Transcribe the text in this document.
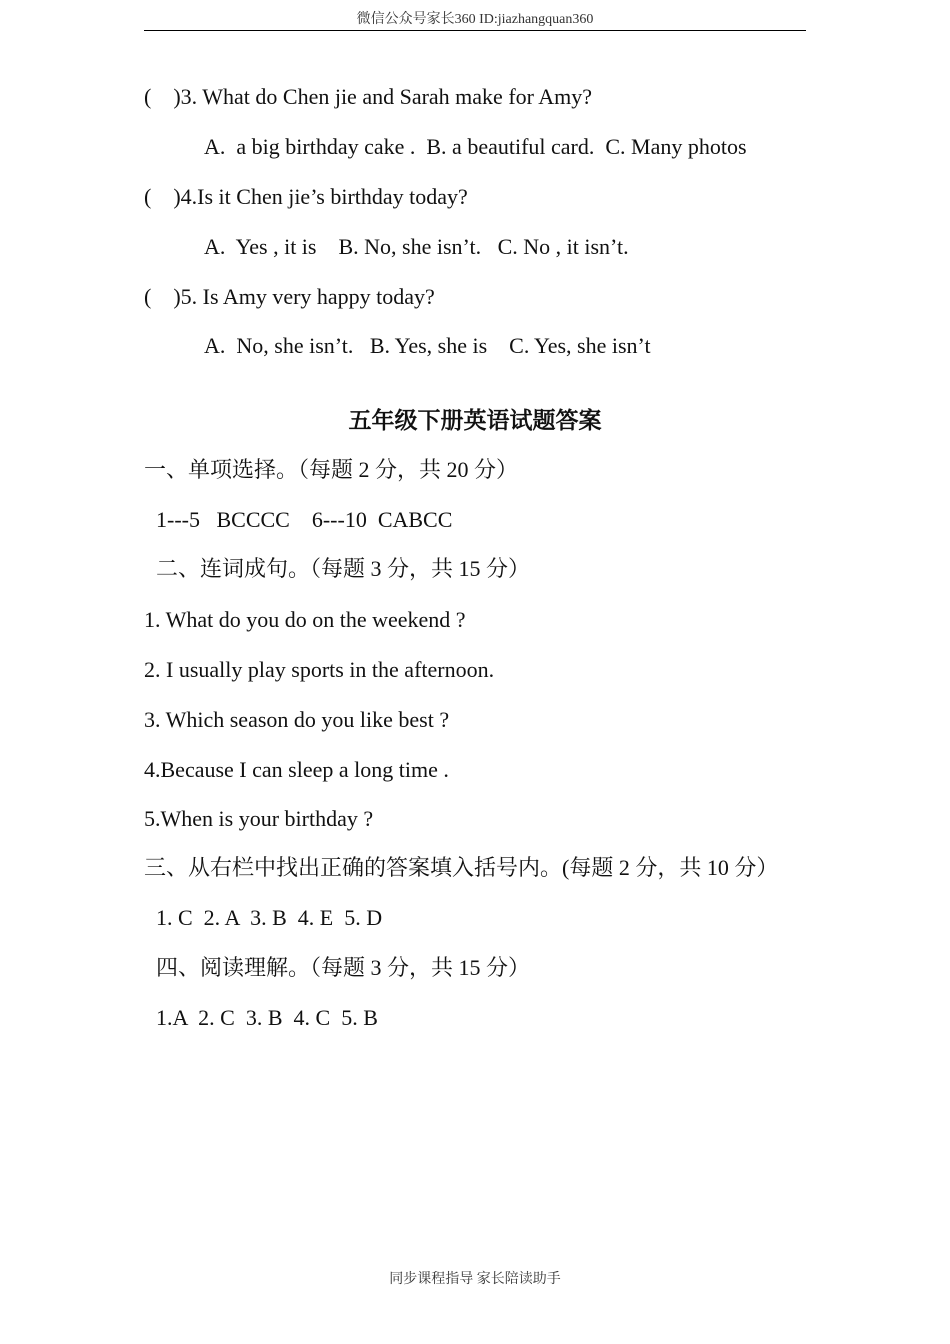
微信公众号家长360 ID:jiazhangquan360
(    )3. What do Chen jie and Sarah make for Amy?
A.  a big birthday cake .  B. a beautiful card.  C. Many photos
(    )4.Is it Chen jie’s birthday today?
A.  Yes , it is    B. No, she isn’t.   C. No , it isn’t.
(    )5. Is Amy very happy today?
A.  No, she isn’t.   B. Yes, she is    C. Yes, she isn’t
五年级下册英语试题答案
一、单项选择。（每题 2 分，共 20 分）
1---5   BCCCC    6---10  CABCC
二、连词成句。（每题 3 分，共 15 分）
1. What do you do on the weekend ?
2. I usually play sports in the afternoon.
3. Which season do you like best ?
4.Because I can sleep a long time .
5.When is your birthday ?
三、从右栏中找出正确的答案填入括号内。(每题 2 分，共 10 分）
1. C  2. A  3. B  4. E  5. D
四、阅读理解。（每题 3 分，共 15 分）
1.A  2. C  3. B  4. C  5. B
同步课程指导 家长陪读助手
